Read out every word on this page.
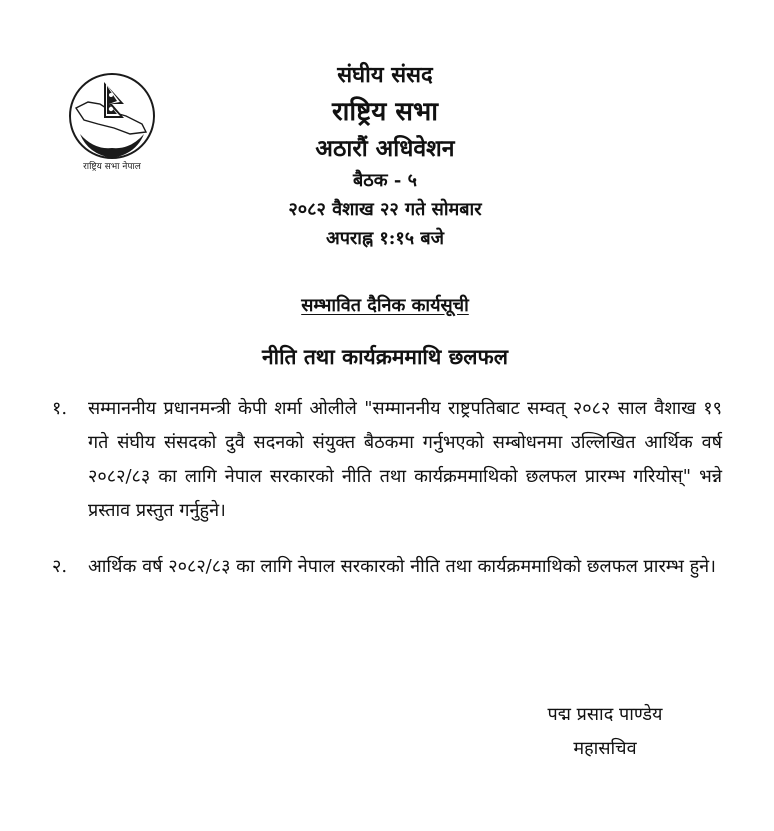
राष्ट्रिय सभा नेपाल
संघीय संसद
राष्ट्रिय सभा
अठारौं अधिवेशन
बैठक - ५
२०८२ वैशाख २२ गते सोमबार
अपराह्न १:१५ बजे
सम्भावित दैनिक कार्यसूची
नीति तथा कार्यक्रममाथि छलफल
१.	सम्माननीय प्रधानमन्त्री केपी शर्मा ओलीले "सम्माननीय राष्ट्रपतिबाट सम्वत् २०८२ साल वैशाख १९ गते संघीय संसदको दुवै सदनको संयुक्त बैठकमा गर्नुभएको सम्बोधनमा उल्लिखित आर्थिक वर्ष २०८२/८३ का लागि नेपाल सरकारको नीति तथा कार्यक्रममाथिको छलफल प्रारम्भ गरियोस्" भन्ने प्रस्ताव प्रस्तुत गर्नुहुने।
२.	आर्थिक वर्ष २०८२/८३ का लागि नेपाल सरकारको नीति तथा कार्यक्रममाथिको छलफल प्रारम्भ हुने।
पद्म प्रसाद पाण्डेय
महासचिव
